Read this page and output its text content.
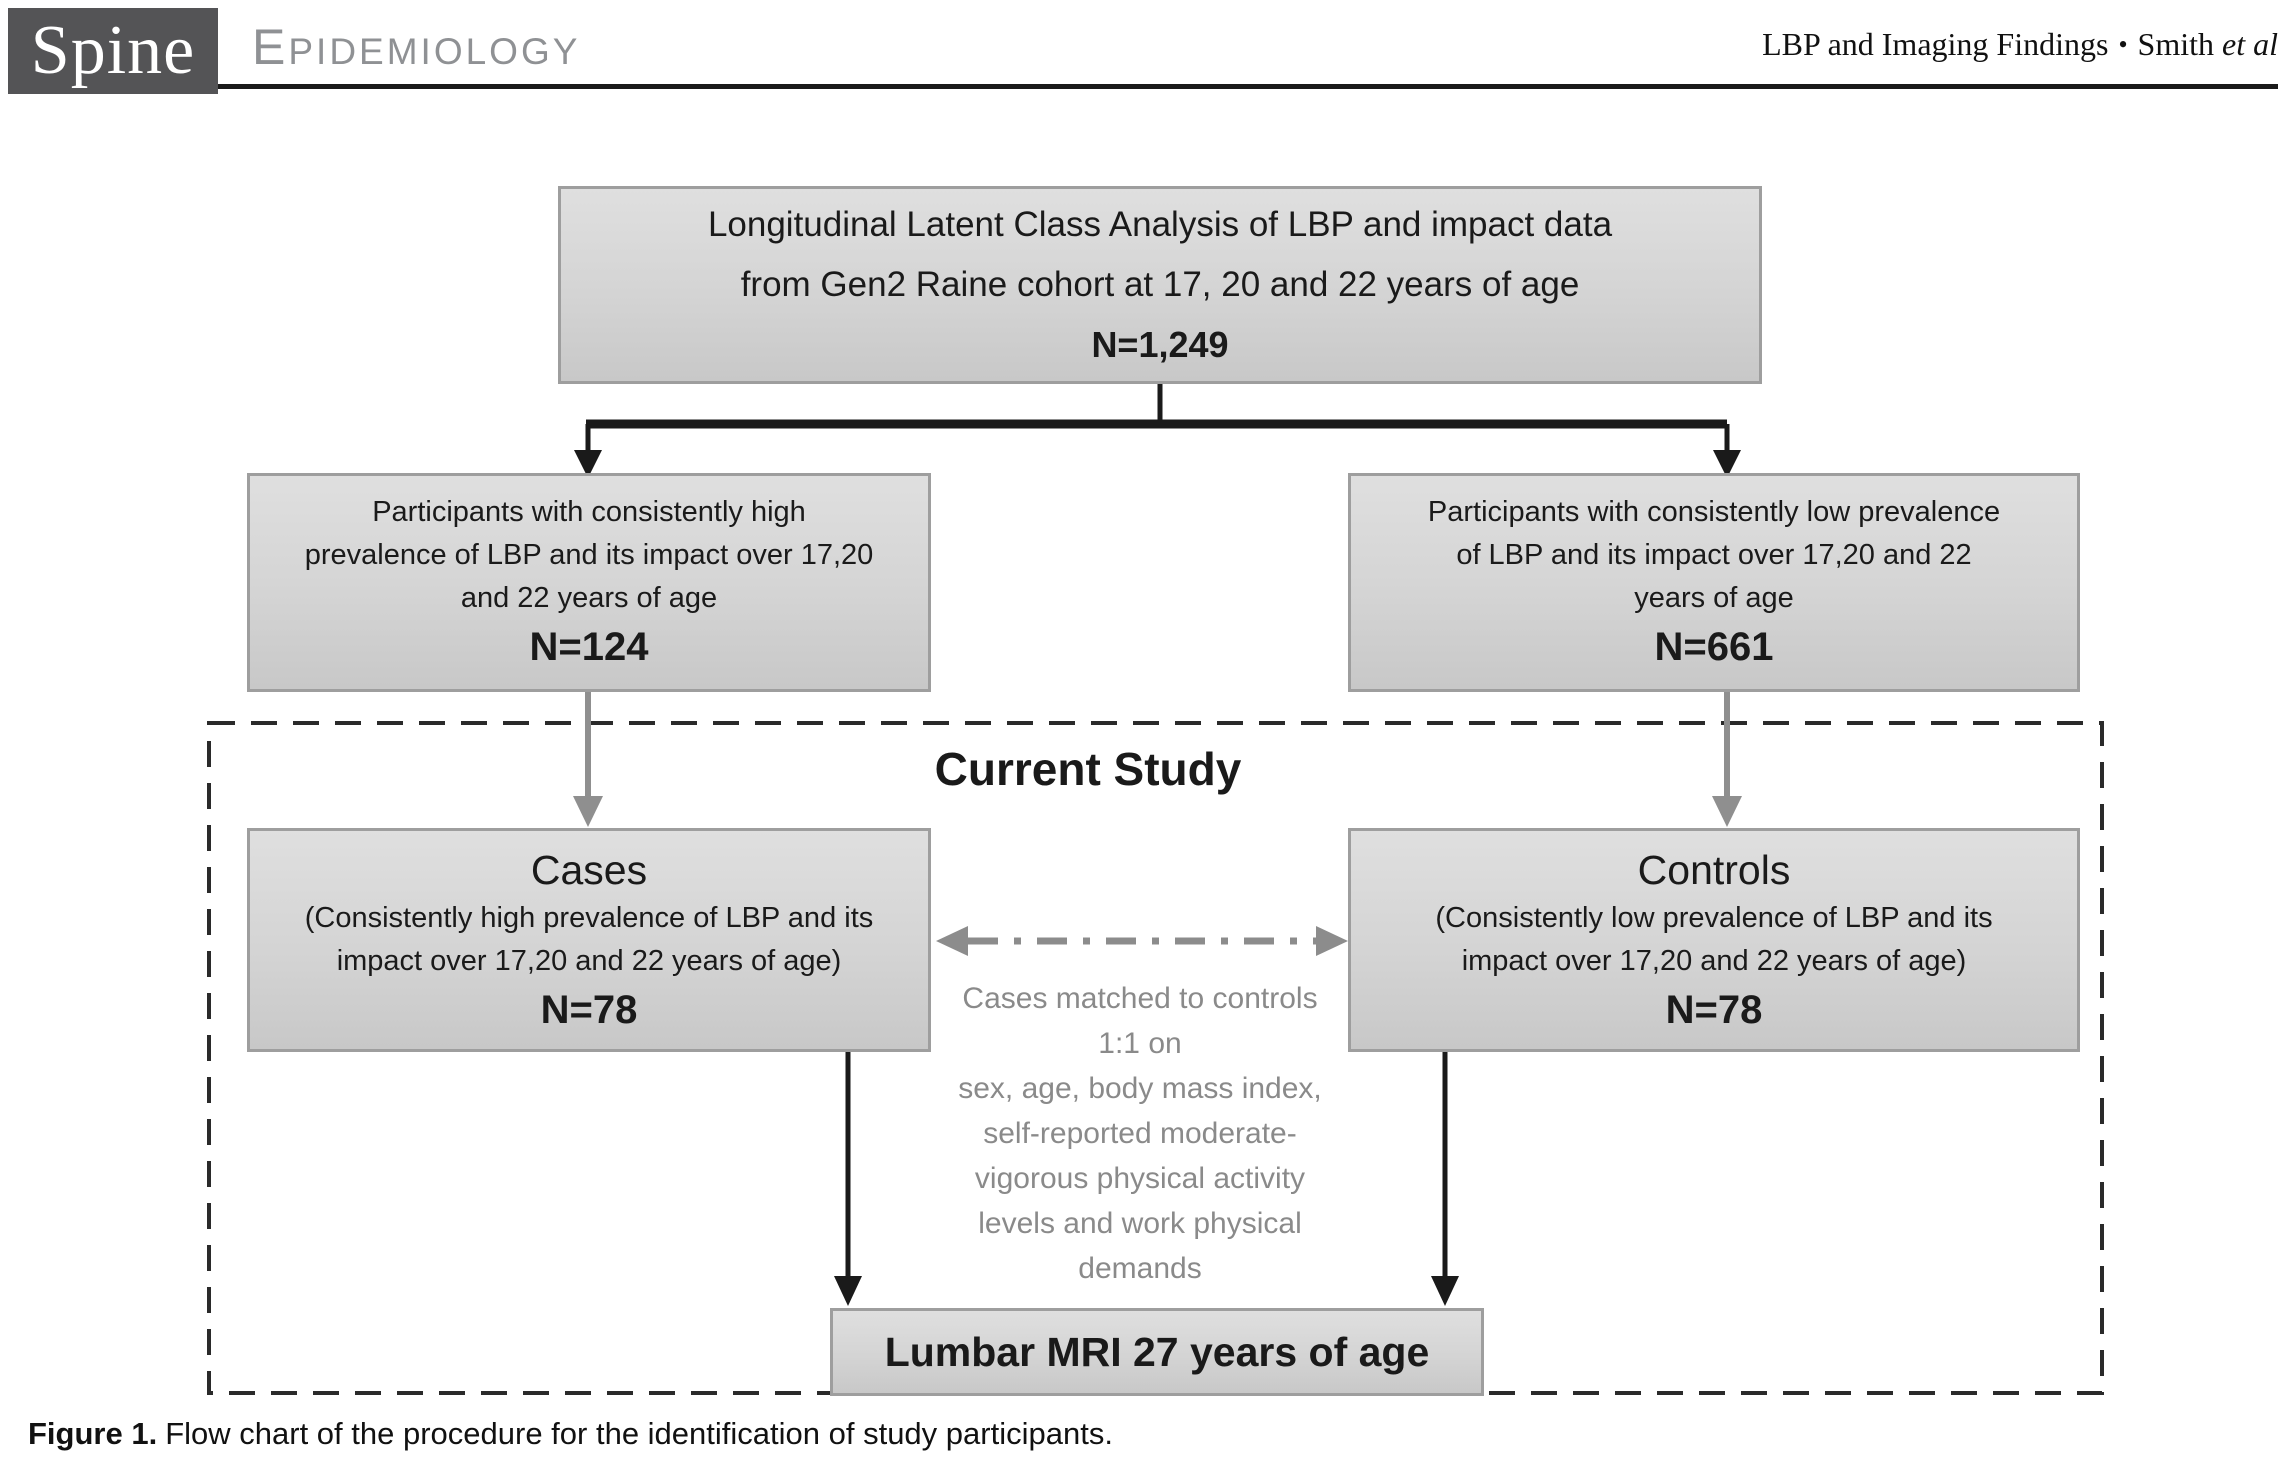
Spine EPIDEMIOLOGY	LBP and Imaging Findings • Smith et al
Longitudinal Latent Class Analysis of LBP and impact data
from Gen2 Raine cohort at 17, 20 and 22 years of age
N=1,249
Participants with consistently high
prevalence of LBP and its impact over 17,20
and 22 years of age
N=124
Participants with consistently low prevalence
of LBP and its impact over 17,20 and 22
years of age
N=661
Current Study
Cases
(Consistently high prevalence of LBP and its
impact over 17,20 and 22 years of age)
N=78
Controls
(Consistently low prevalence of LBP and its
impact over 17,20 and 22 years of age)
N=78
Cases matched to controls
1:1 on
sex, age, body mass index,
self-reported moderate-
vigorous physical activity
levels and work physical
demands
Lumbar MRI 27 years of age
Figure 1. Flow chart of the procedure for the identification of study participants.
